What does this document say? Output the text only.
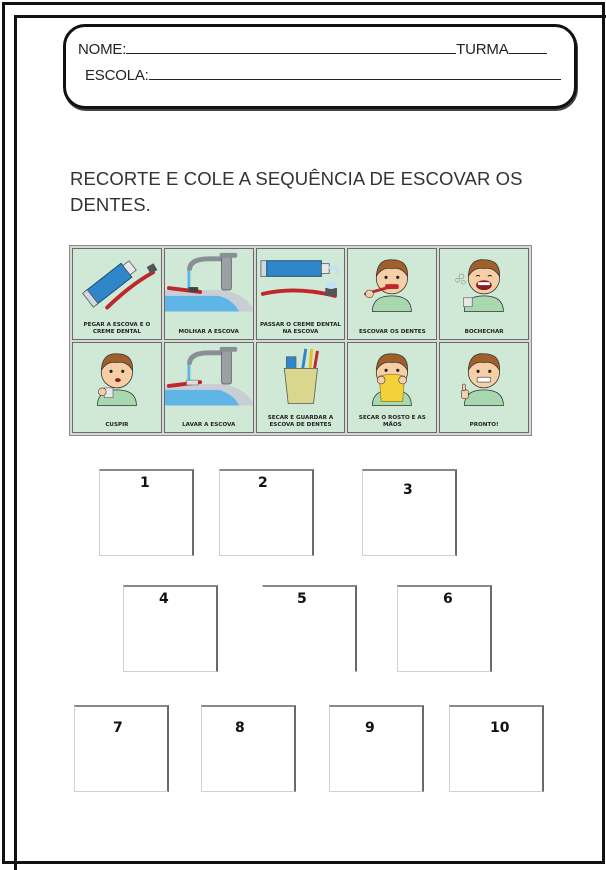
NOME:	TURMA
ESCOLA:
RECORTE E COLE A SEQUÊNCIA DE ESCOVAR OS DENTES.
PEGAR A ESCOVA E O CREME DENTAL	MOLHAR A ESCOVA
PASSAR O CREME DENTAL NA ESCOVA	ESCOVAR OS DENTES	BOCHECHAR
CUSPIR	LAVAR A ESCOVA
SECAR E GUARDAR A ESCOVA DE DENTES
SECAR O ROSTO E AS MÃOS	PRONTO!
1	2	3
4	5	6
7	8	9	10
